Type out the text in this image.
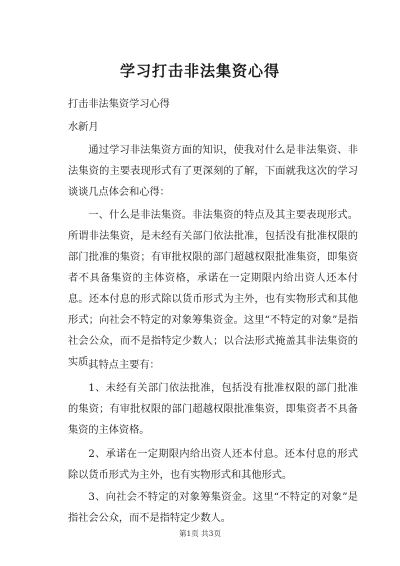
学习打击非法集资心得

打击非法集资学习心得

水新月

通过学习非法集资方面的知识，使我对什么是非法集资、非法集资的主要表现形式有了更深刻的了解，下面就我这次的学习谈谈几点体会和心得：

一、什么是非法集资。非法集资的特点及其主要表现形式。所谓非法集资，是未经有关部门依法批准，包括没有批准权限的部门批准的集资；有审批权限的部门超越权限批准集资，即集资者不具备集资的主体资格，承诺在一定期限内给出资人还本付息。还本付息的形式除以货币形式为主外，也有实物形式和其他形式；向社会不特定的对象筹集资金。这里“不特定的对象”是指社会公众，而不是指特定少数人；以合法形式掩盖其非法集资的实质。

其特点主要有：

1、未经有关部门依法批准，包括没有批准权限的部门批准的集资；有审批权限的部门超越权限批准集资，即集资者不具备集资的主体资格。

2、承诺在一定期限内给出资人还本付息。还本付息的形式除以货币形式为主外，也有实物形式和其他形式。

3、向社会不特定的对象筹集资金。这里“不特定的对象”是指社会公众，而不是指特定少数人。

第1页 共3页
